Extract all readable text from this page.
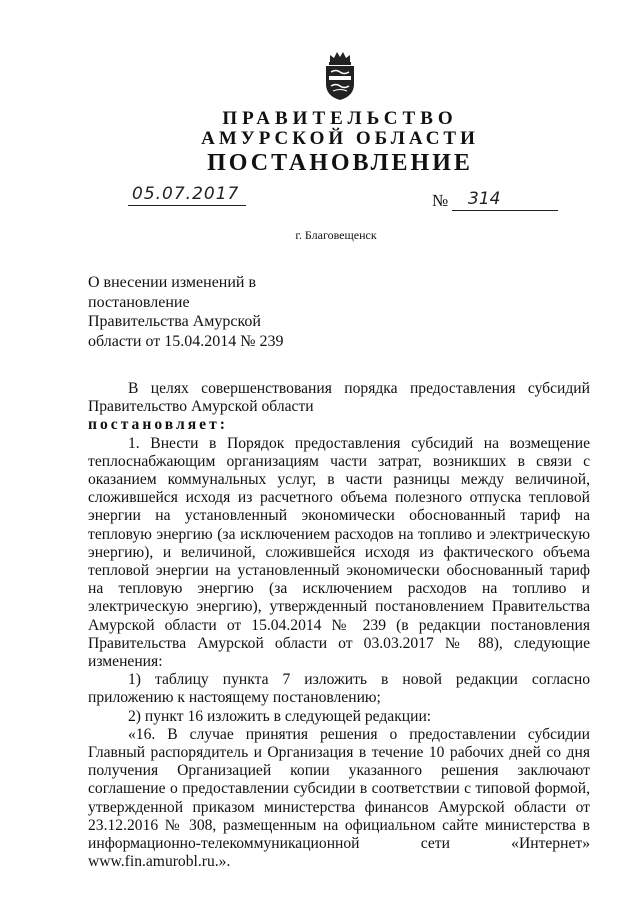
ПРАВИТЕЛЬСТВО
АМУРСКОЙ ОБЛАСТИ
ПОСТАНОВЛЕНИЕ
05.07.2017	№ 314
г. Благовещенск
О внесении изменений в
постановление
Правительства Амурской
области от 15.04.2014 № 239

В целях совершенствования порядка предоставления субсидий Правительство Амурской области

постановляет:

1. Внести в Порядок предоставления субсидий на возмещение теплоснабжающим организациям части затрат, возникших в связи с оказанием коммунальных услуг, в части разницы между величиной, сложившейся исходя из расчетного объема полезного отпуска тепловой энергии на установленный экономически обоснованный тариф на тепловую энергию (за исключением расходов на топливо и электрическую энергию), и величиной, сложившейся исходя из фактического объема тепловой энергии на установленный экономически обоснованный тариф на тепловую энергию (за исключением расходов на топливо и электрическую энергию), утвержденный постановлением Правительства Амурской области от 15.04.2014 № 239 (в редакции постановления Правительства Амурской области от 03.03.2017 № 88), следующие изменения:

1) таблицу пункта 7 изложить в новой редакции согласно приложению к настоящему постановлению;

2) пункт 16 изложить в следующей редакции:

«16. В случае принятия решения о предоставлении субсидии Главный распорядитель и Организация в течение 10 рабочих дней со дня получения Организацией копии указанного решения заключают соглашение о предоставлении субсидии в соответствии с типовой формой, утвержденной приказом министерства финансов Амурской области от 23.12.2016 № 308, размещенным на официальном сайте министерства в информационно-телекоммуникационной сети «Интернет» www.fin.amurobl.ru.».
